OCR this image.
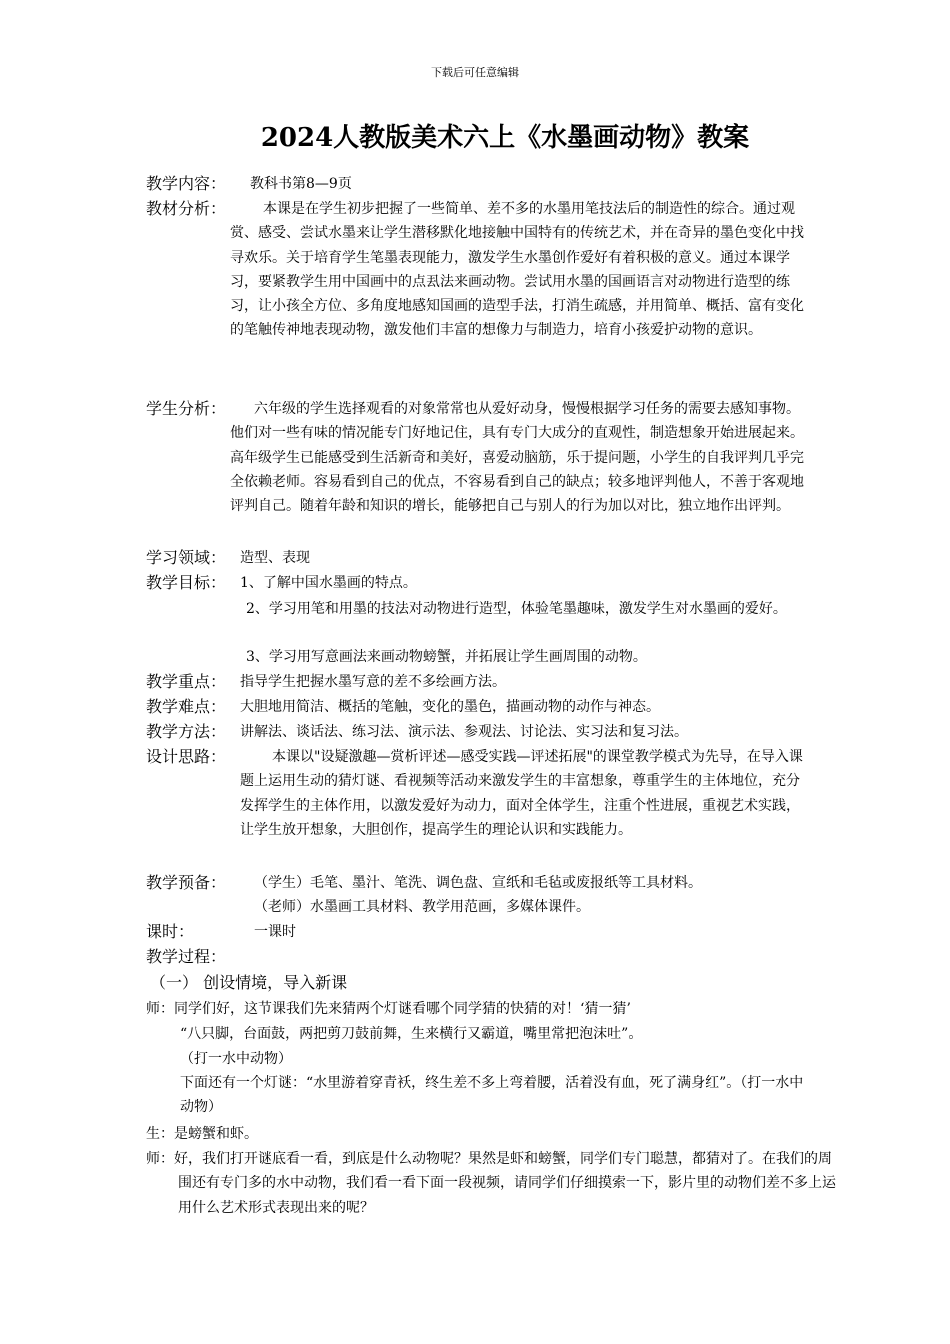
下载后可任意编辑
2024人教版美术六上《水墨画动物》教案
教学内容： 教科书第8—9页
教材分析：	本课是在学生初步把握了一些简单、差不多的水墨用笔技法后的制造性的综合。通过观赏、感受、尝试水墨来让学生潜移默化地接触中国特有的传统艺术，并在奇异的墨色变化中找寻欢乐。关于培育学生笔墨表现能力，激发学生水墨创作爱好有着积极的意义。通过本课学习，要紧教学生用中国画中的点厾法来画动物。尝试用水墨的国画语言对动物进行造型的练习，让小孩全方位、多角度地感知国画的造型手法，打消生疏感，并用简单、概括、富有变化的笔触传神地表现动物，激发他们丰富的想像力与制造力，培育小孩爱护动物的意识。
学生分析：	六年级的学生选择观看的对象常常也从爱好动身，慢慢根据学习任务的需要去感知事物。他们对一些有味的情况能专门好地记住，具有专门大成分的直观性，制造想象开始进展起来。高年级学生已能感受到生活新奇和美好，喜爱动脑筋，乐于提问题，小学生的自我评判几乎完全依赖老师。容易看到自己的优点，不容易看到自己的缺点；较多地评判他人，不善于客观地评判自己。随着年龄和知识的增长，能够把自己与别人的行为加以对比，独立地作出评判。
学习领域： 造型、表现
教学目标： 1、了解中国水墨画的特点。
2、学习用笔和用墨的技法对动物进行造型，体验笔墨趣味，激发学生对水墨画的爱好。
3、学习用写意画法来画动物螃蟹，并拓展让学生画周围的动物。
教学重点： 指导学生把握水墨写意的差不多绘画方法。
教学难点： 大胆地用简洁、概括的笔触，变化的墨色，描画动物的动作与神态。
教学方法： 讲解法、谈话法、练习法、演示法、参观法、讨论法、实习法和复习法。
设计思路：	本课以"设疑激趣—赏析评述—感受实践—评述拓展"的课堂教学模式为先导，在导入课题上运用生动的猜灯谜、看视频等活动来激发学生的丰富想象，尊重学生的主体地位，充分发挥学生的主体作用，以激发爱好为动力，面对全体学生，注重个性进展，重视艺术实践，让学生放开想象，大胆创作，提高学生的理论认识和实践能力。
教学预备： （学生）毛笔、墨汁、笔洗、调色盘、宣纸和毛毡或废报纸等工具材料。
（老师）水墨画工具材料、教学用范画，多媒体课件。
课时：	一课时
教学过程：
（一） 创设情境，导入新课
师：同学们好，这节课我们先来猜两个灯谜看哪个同学猜的快猜的对！‘猜一猜’
“八只脚，台面鼓，两把剪刀鼓前舞，生来横行又霸道，嘴里常把泡沫吐”。
（打一水中动物）
下面还有一个灯谜：“水里游着穿青袄，终生差不多上弯着腰，活着没有血，死了满身红”。（打一水中动物）
生：是螃蟹和虾。
师：好，我们打开谜底看一看，到底是什么动物呢？果然是虾和螃蟹，同学们专门聪慧，都猜对了。在我们的周围还有专门多的水中动物，我们看一看下面一段视频，请同学们仔细摸索一下，影片里的动物们差不多上运用什么艺术形式表现出来的呢？
